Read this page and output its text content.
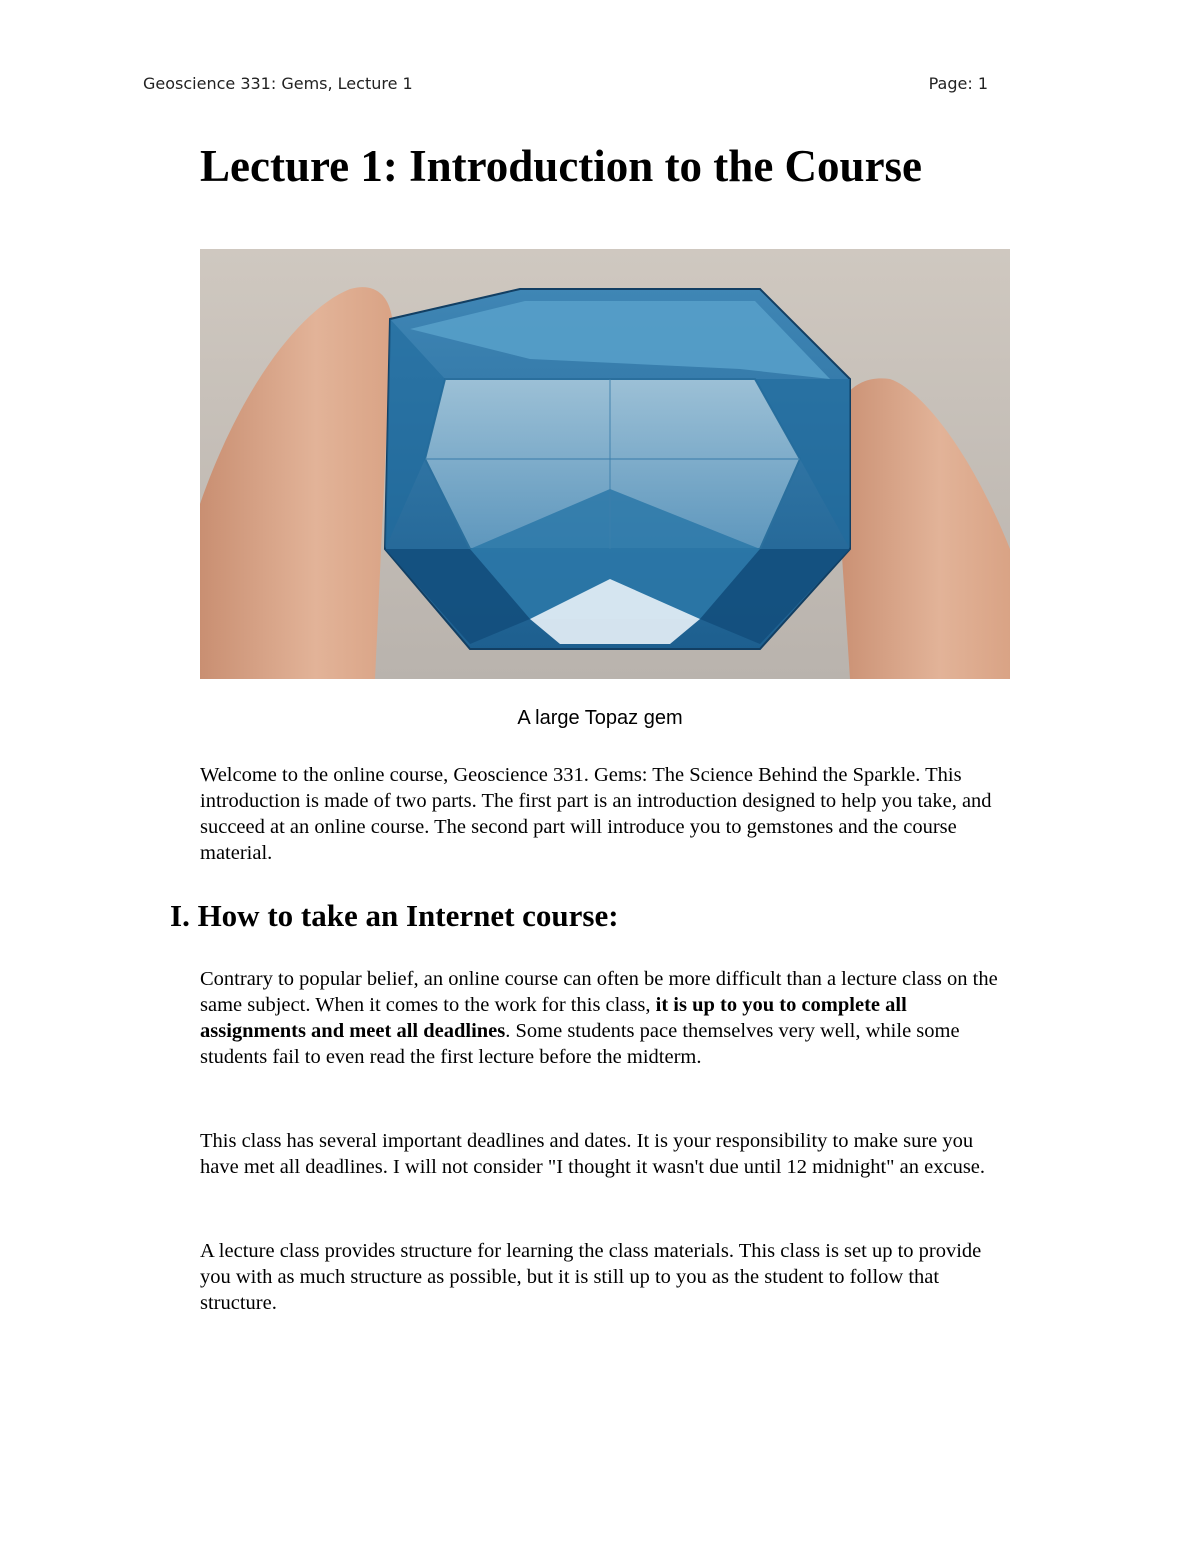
Geoscience 331: Gems, Lecture 1	Page: 1
Lecture 1: Introduction to the Course
A large Topaz gem

Welcome to the online course, Geoscience 331. Gems: The Science Behind the Sparkle. This introduction is made of two parts. The first part is an introduction designed to help you take, and succeed at an online course. The second part will introduce you to gemstones and the course material.

I. How to take an Internet course:

Contrary to popular belief, an online course can often be more difficult than a lecture class on the same subject. When it comes to the work for this class, it is up to you to complete all assignments and meet all deadlines. Some students pace themselves very well, while some students fail to even read the first lecture before the midterm.

This class has several important deadlines and dates. It is your responsibility to make sure you have met all deadlines. I will not consider "I thought it wasn't due until 12 midnight" an excuse.

A lecture class provides structure for learning the class materials. This class is set up to provide you with as much structure as possible, but it is still up to you as the student to follow that structure.
